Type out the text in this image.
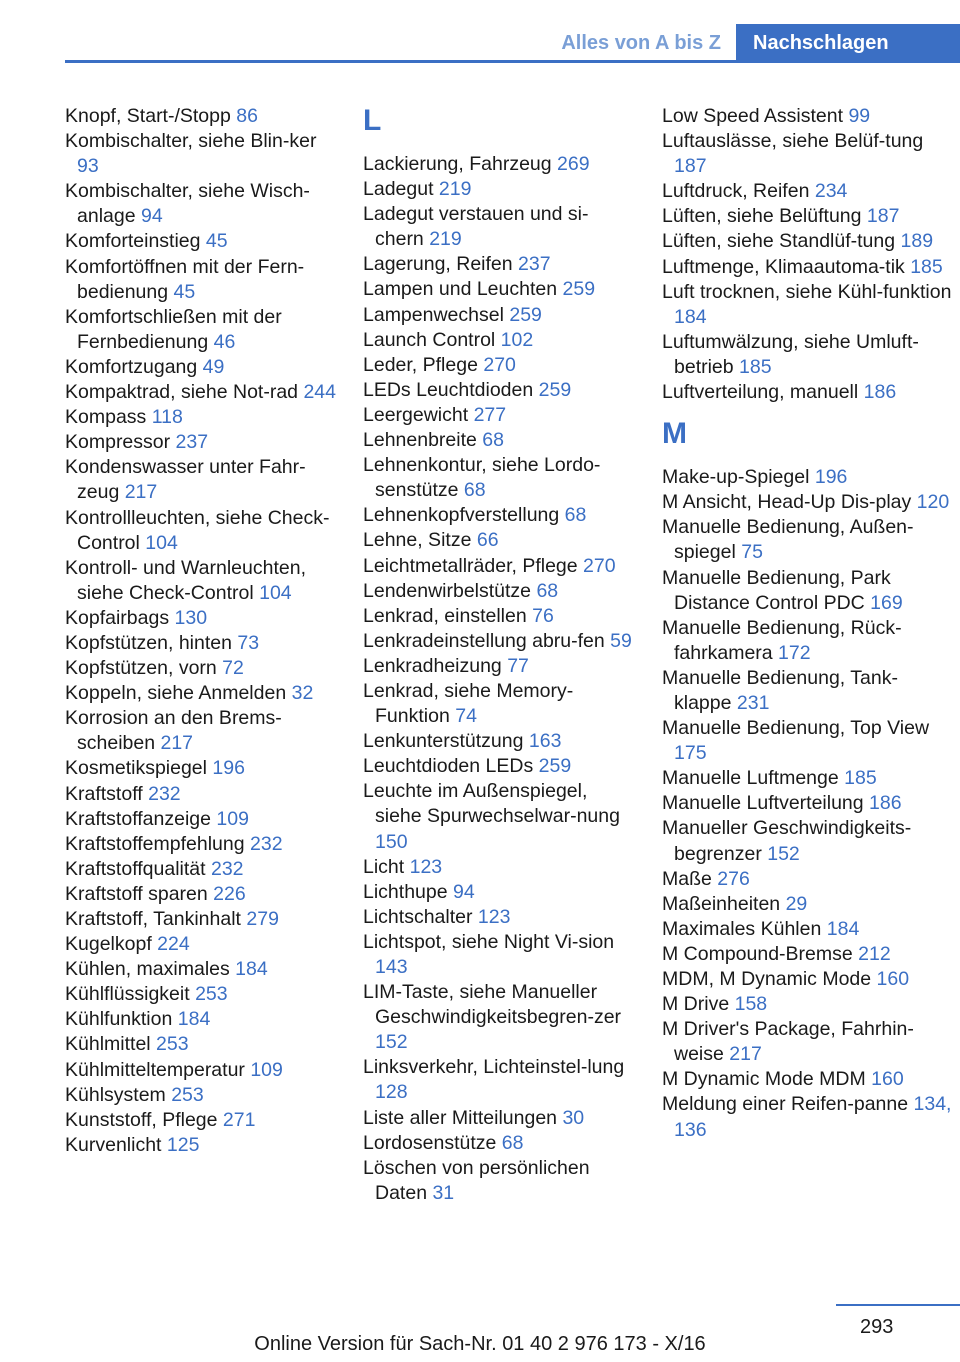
Alles von A bis Z	Nachschlagen
Knopf, Start-/Stopp 86
Kombischalter, siehe Blin-ker 93
Kombischalter, siehe Wisch-anlage 94
Komforteinstieg 45
Komfortöffnen mit der Fern-bedienung 45
Komfortschließen mit der Fernbedienung 46
Komfortzugang 49
Kompaktrad, siehe Not-rad 244
Kompass 118
Kompressor 237
Kondenswasser unter Fahr-zeug 217
Kontrollleuchten, siehe Check-Control 104
Kontroll- und Warnleuchten, siehe Check-Control 104
Kopfairbags 130
Kopfstützen, hinten 73
Kopfstützen, vorn 72
Koppeln, siehe Anmelden 32
Korrosion an den Brems-scheiben 217
Kosmetikspiegel 196
Kraftstoff 232
Kraftstoffanzeige 109
Kraftstoffempfehlung 232
Kraftstoffqualität 232
Kraftstoff sparen 226
Kraftstoff, Tankinhalt 279
Kugelkopf 224
Kühlen, maximales 184
Kühlflüssigkeit 253
Kühlfunktion 184
Kühlmittel 253
Kühlmitteltemperatur 109
Kühlsystem 253
Kunststoff, Pflege 271
Kurvenlicht 125
L
Lackierung, Fahrzeug 269
Ladegut 219
Ladegut verstauen und si-chern 219
Lagerung, Reifen 237
Lampen und Leuchten 259
Lampenwechsel 259
Launch Control 102
Leder, Pflege 270
LEDs Leuchtdioden 259
Leergewicht 277
Lehnenbreite 68
Lehnenkontur, siehe Lordo-senstütze 68
Lehnenkopfverstellung 68
Lehne, Sitze 66
Leichtmetallräder, Pflege 270
Lendenwirbelstütze 68
Lenkrad, einstellen 76
Lenkradeinstellung abru-fen 59
Lenkradheizung 77
Lenkrad, siehe Memory-Funktion 74
Lenkunterstützung 163
Leuchtdioden LEDs 259
Leuchte im Außenspiegel, siehe Spurwechselwar-nung 150
Licht 123
Lichthupe 94
Lichtschalter 123
Lichtspot, siehe Night Vi-sion 143
LIM-Taste, siehe Manueller Geschwindigkeitsbegren-zer 152
Linksverkehr, Lichteinstel-lung 128
Liste aller Mitteilungen 30
Lordosenstütze 68
Löschen von persönlichen Daten 31
Low Speed Assistent 99
Luftauslässe, siehe Belüf-tung 187
Luftdruck, Reifen 234
Lüften, siehe Belüftung 187
Lüften, siehe Standlüf-tung 189
Luftmenge, Klimaautoma-tik 185
Luft trocknen, siehe Kühl-funktion 184
Luftumwälzung, siehe Umluft-betrieb 185
Luftverteilung, manuell 186
M
Make-up-Spiegel 196
M Ansicht, Head-Up Dis-play 120
Manuelle Bedienung, Außen-spiegel 75
Manuelle Bedienung, Park Distance Control PDC 169
Manuelle Bedienung, Rück-fahrkamera 172
Manuelle Bedienung, Tank-klappe 231
Manuelle Bedienung, Top View 175
Manuelle Luftmenge 185
Manuelle Luftverteilung 186
Manueller Geschwindigkeits-begrenzer 152
Maße 276
Maßeinheiten 29
Maximales Kühlen 184
M Compound-Bremse 212
MDM, M Dynamic Mode 160
M Drive 158
M Driver's Package, Fahrhin-weise 217
M Dynamic Mode MDM 160
Meldung einer Reifen-panne 134, 136
293
Online Version für Sach-Nr. 01 40 2 976 173 - X/16
